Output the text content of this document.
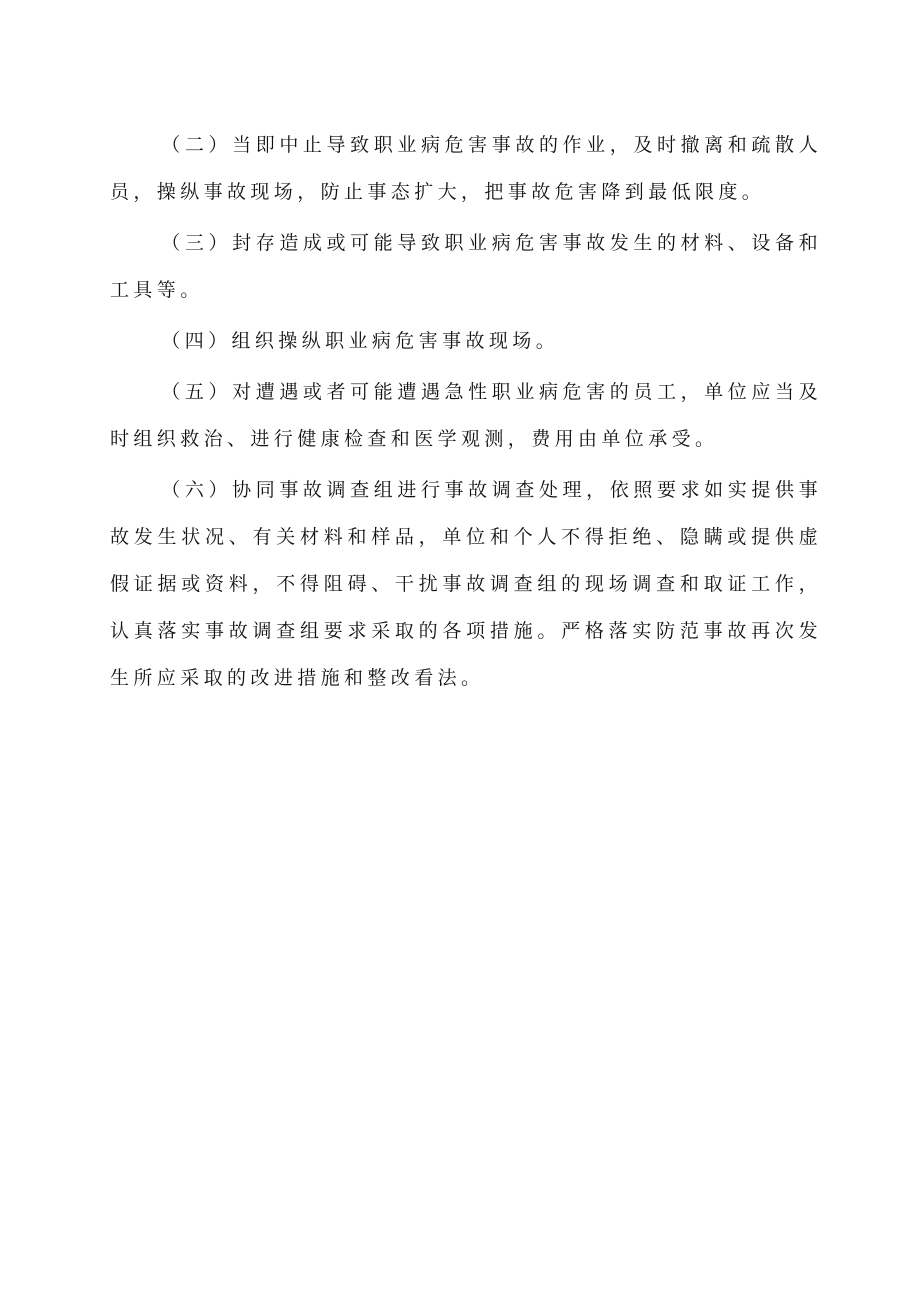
（二）当即中止导致职业病危害事故的作业，及时撤离和疏散人员，操纵事故现场，防止事态扩大，把事故危害降到最低限度。

（三）封存造成或可能导致职业病危害事故发生的材料、设备和工具等。

（四）组织操纵职业病危害事故现场。

（五）对遭遇或者可能遭遇急性职业病危害的员工，单位应当及时组织救治、进行健康检查和医学观测，费用由单位承受。

（六）协同事故调查组进行事故调查处理，依照要求如实提供事故发生状况、有关材料和样品，单位和个人不得拒绝、隐瞒或提供虚假证据或资料，不得阻碍、干扰事故调查组的现场调查和取证工作，认真落实事故调查组要求采取的各项措施。严格落实防范事故再次发生所应采取的改进措施和整改看法。
